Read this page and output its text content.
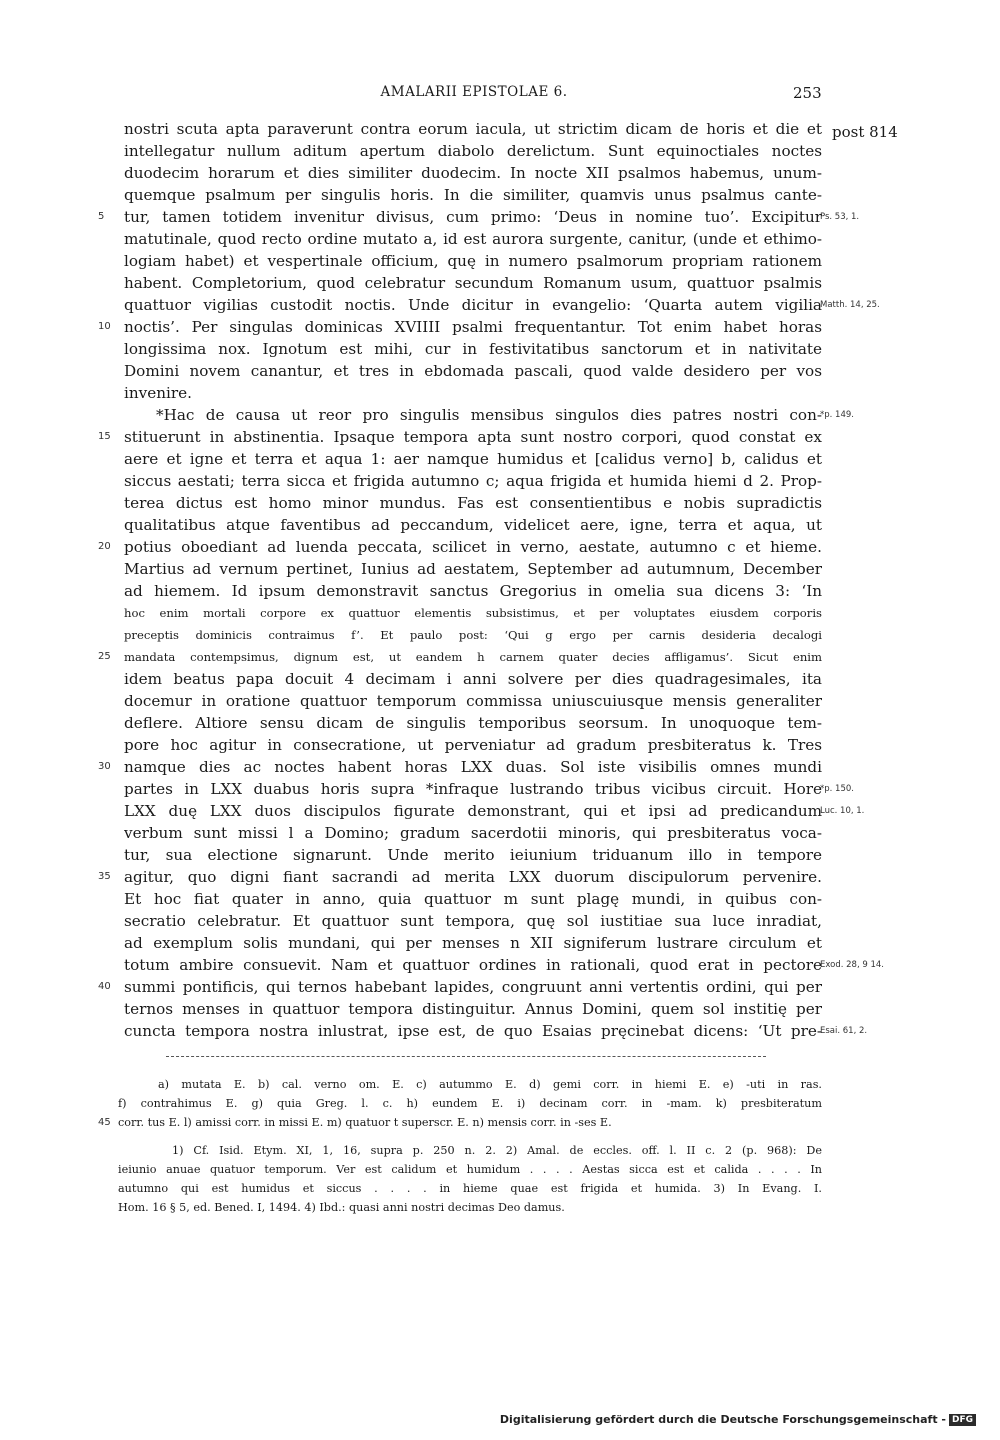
AMALARII EPISTOLAE 6.	253
post 814
nostri scuta apta paraverunt contra eorum iacula, ut strictim dicam de horis et die et
intellegatur nullum aditum apertum diabolo derelictum. Sunt equinoctiales noctes
duodecim horarum et dies similiter duodecim. In nocte XII psalmos habemus, unum-
quemque psalmum per singulis horis. In die similiter, quamvis unus psalmus cante-
tur, tamen totidem invenitur divisus, cum primo: ‘Deus in nomine tuo’. Excipitur
matutinale, quod recto ordine mutato a, id est aurora surgente, canitur, (unde et ethimo-
logiam habet) et vespertinale officium, quę in numero psalmorum propriam rationem
habent. Completorium, quod celebratur secundum Romanum usum, quattuor psalmis
quattuor vigilias custodit noctis. Unde dicitur in evangelio: ‘Quarta autem vigilia
noctis’. Per singulas dominicas XVIIII psalmi frequentantur. Tot enim habet horas
longissima nox. Ignotum est mihi, cur in festivitatibus sanctorum et in nativitate
Domini novem canantur, et tres in ebdomada pascali, quod valde desidero per vos
invenire.
*Hac de causa ut reor pro singulis mensibus singulos dies patres nostri con-
stituerunt in abstinentia. Ipsaque tempora apta sunt nostro corpori, quod constat ex
aere et igne et terra et aqua 1: aer namque humidus et [calidus verno] b, calidus et
siccus aestati; terra sicca et frigida autumno c; aqua frigida et humida hiemi d 2. Prop-
terea dictus est homo minor mundus. Fas est consentientibus e nobis supradictis
qualitatibus atque faventibus ad peccandum, videlicet aere, igne, terra et aqua, ut
potius oboediant ad luenda peccata, scilicet in verno, aestate, autumno c et hieme.
Martius ad vernum pertinet, Iunius ad aestatem, September ad autumnum, December
ad hiemem. Id ipsum demonstravit sanctus Gregorius in omelia sua dicens 3: ‘In
hoc enim mortali corpore ex quattuor elementis subsistimus, et per voluptates eiusdem corporis
preceptis dominicis contraimus f’. Et paulo post: ‘Qui g ergo per carnis desideria decalogi
mandata contempsimus, dignum est, ut eandem h carnem quater decies affligamus’. Sicut enim
idem beatus papa docuit 4 decimam i anni solvere per dies quadragesimales, ita
docemur in oratione quattuor temporum commissa uniuscuiusque mensis generaliter
deflere. Altiore sensu dicam de singulis temporibus seorsum. In unoquoque tem-
pore hoc agitur in consecratione, ut perveniatur ad gradum presbiteratus k. Tres
namque dies ac noctes habent horas LXX duas. Sol iste visibilis omnes mundi
partes in LXX duabus horis supra *infraque lustrando tribus vicibus circuit. Hore
LXX duę LXX duos discipulos figurate demonstrant, qui et ipsi ad predicandum
verbum sunt missi l a Domino; gradum sacerdotii minoris, qui presbiteratus voca-
tur, sua electione signarunt. Unde merito ieiunium triduanum illo in tempore
agitur, quo digni fiant sacrandi ad merita LXX duorum discipulorum pervenire.
Et hoc fiat quater in anno, quia quattuor m sunt plagę mundi, in quibus con-
secratio celebratur. Et quattuor sunt tempora, quę sol iustitiae sua luce inradiat,
ad exemplum solis mundani, qui per menses n XII signiferum lustrare circulum et
totum ambire consuevit. Nam et quattuor ordines in rationali, quod erat in pectore
summi pontificis, qui ternos habebant lapides, congruunt anni vertentis ordini, qui per
ternos menses in quattuor tempora distinguitur. Annus Domini, quem sol institię per
cuncta tempora nostra inlustrat, ipse est, de quo Esaias pręcinebat dicens: ‘Ut pre-
5
10
15
20
25
30
35
40
45
Ps. 53, 1.
Matth. 14, 25.
*p. 149.
*p. 150.
Luc. 10, 1.
Exod. 28, 9 14.
Esai. 61, 2.
a) mutata E. b) cal. verno om. E. c) autummo E. d) gemi corr. in hiemi E. e) -uti in ras.
f) contrahimus E. g) quia Greg. l. c. h) eundem E. i) decinam corr. in -mam. k) presbiteratum
corr. tus E. l) amissi corr. in missi E. m) quatuor t superscr. E. n) mensis corr. in -ses E.
1) Cf. Isid. Etym. XI, 1, 16, supra p. 250 n. 2. 2) Amal. de eccles. off. l. II c. 2 (p. 968): De
ieiunio anuae quatuor temporum. Ver est calidum et humidum . . . . Aestas sicca est et calida . . . . In
autumno qui est humidus et siccus . . . . in hieme quae est frigida et humida. 3) In Evang. I.
Hom. 16 § 5, ed. Bened. I, 1494. 4) Ibd.: quasi anni nostri decimas Deo damus.
Digitalisierung gefördert durch die Deutsche Forschungsgemeinschaft - DFG
